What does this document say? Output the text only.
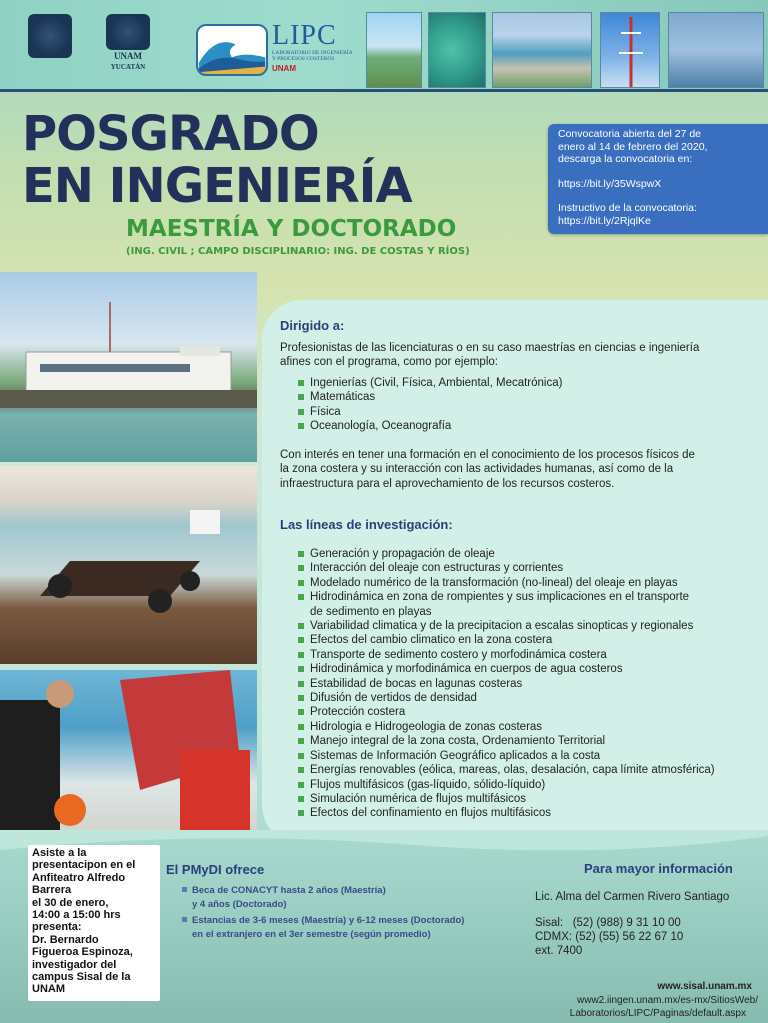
UNAM
YUCATÁN
LIPC
LABORATORIO DE INGENIERÍA
Y PROCESOS COSTEROS
UNAM
POSGRADO
EN INGENIERÍA
MAESTRÍA Y DOCTORADO
(ING. CIVIL ; CAMPO DISCIPLINARIO: ING. DE COSTAS Y RÍOS)

Convocatoria abierta del 27 de

enero al 14 de febrero del 2020,

descarga la convocatoria en:

https://bit.ly/35WspwX

Instructivo de la convocatoria:

https://bit.ly/2RjqlKe

Dirigido a:
Profesionistas de las licenciaturas o en su caso maestrías en ciencias e ingeniería
afines con el programa, como por ejemplo:
Ingenierías (Civil, Física, Ambiental, Mecatrónica)
Matemáticas
Física
Oceanología, Oceanografía
Con interés en tener una formación en el conocimiento de los procesos físicos de
la zona costera y su interacción con las actividades humanas, así como de la
infraestructura para el aprovechamiento de los recursos costeros.
Las líneas de investigación:
Generación y propagación de oleaje
Interacción del oleaje con estructuras y corrientes
Modelado numérico de la transformación (no-lineal) del oleaje en playas
Hidrodinámica en zona de rompientes y sus implicaciones en el transporte
de sedimento en playas
Variabilidad climatica y de la precipitacion a escalas sinopticas y regionales
Efectos del cambio climatico en la zona costera
Transporte de sedimento costero y morfodinámica costera
Hidrodinámica y morfodinámica en cuerpos de agua costeros
Estabilidad de bocas en lagunas costeras
Difusión de vertidos de densidad
Protección costera
Hidrologia e Hidrogeologia de zonas costeras
Manejo integral de la zona costa, Ordenamiento Territorial
Sistemas de Información Geográfico aplicados a la costa
Energías renovables (eólica, mareas, olas, desalación, capa límite atmosférica)
Flujos multifásicos (gas-líquido, sólido-líquido)
Simulación numérica de flujos multifásicos
Efectos del confinamiento en flujos multifásicos
Asiste a la
presentacipon en el
Anfiteatro Alfredo
Barrera
el 30 de enero,
14:00 a 15:00 hrs
presenta:
Dr. Bernardo
Figueroa Espinoza,
investigador del
campus Sisal de la
UNAM
El PMyDI ofrece
Beca de CONACYT hasta 2 años (Maestría)
y 4 años (Doctorado)
Estancias de 3-6 meses (Maestría) y 6-12 meses (Doctorado)
en el extranjero en el 3er semestre (según promedio)
Para mayor información
Lic. Alma del Carmen Rivero Santiago
Sisal:   (52) (988) 9 31 10 00
CDMX: (52) (55) 56 22 67 10
ext. 7400
www.sisal.unam.mx
www2.iingen.unam.mx/es-mx/SitiosWeb/
Laboratorios/LIPC/Paginas/default.aspx
